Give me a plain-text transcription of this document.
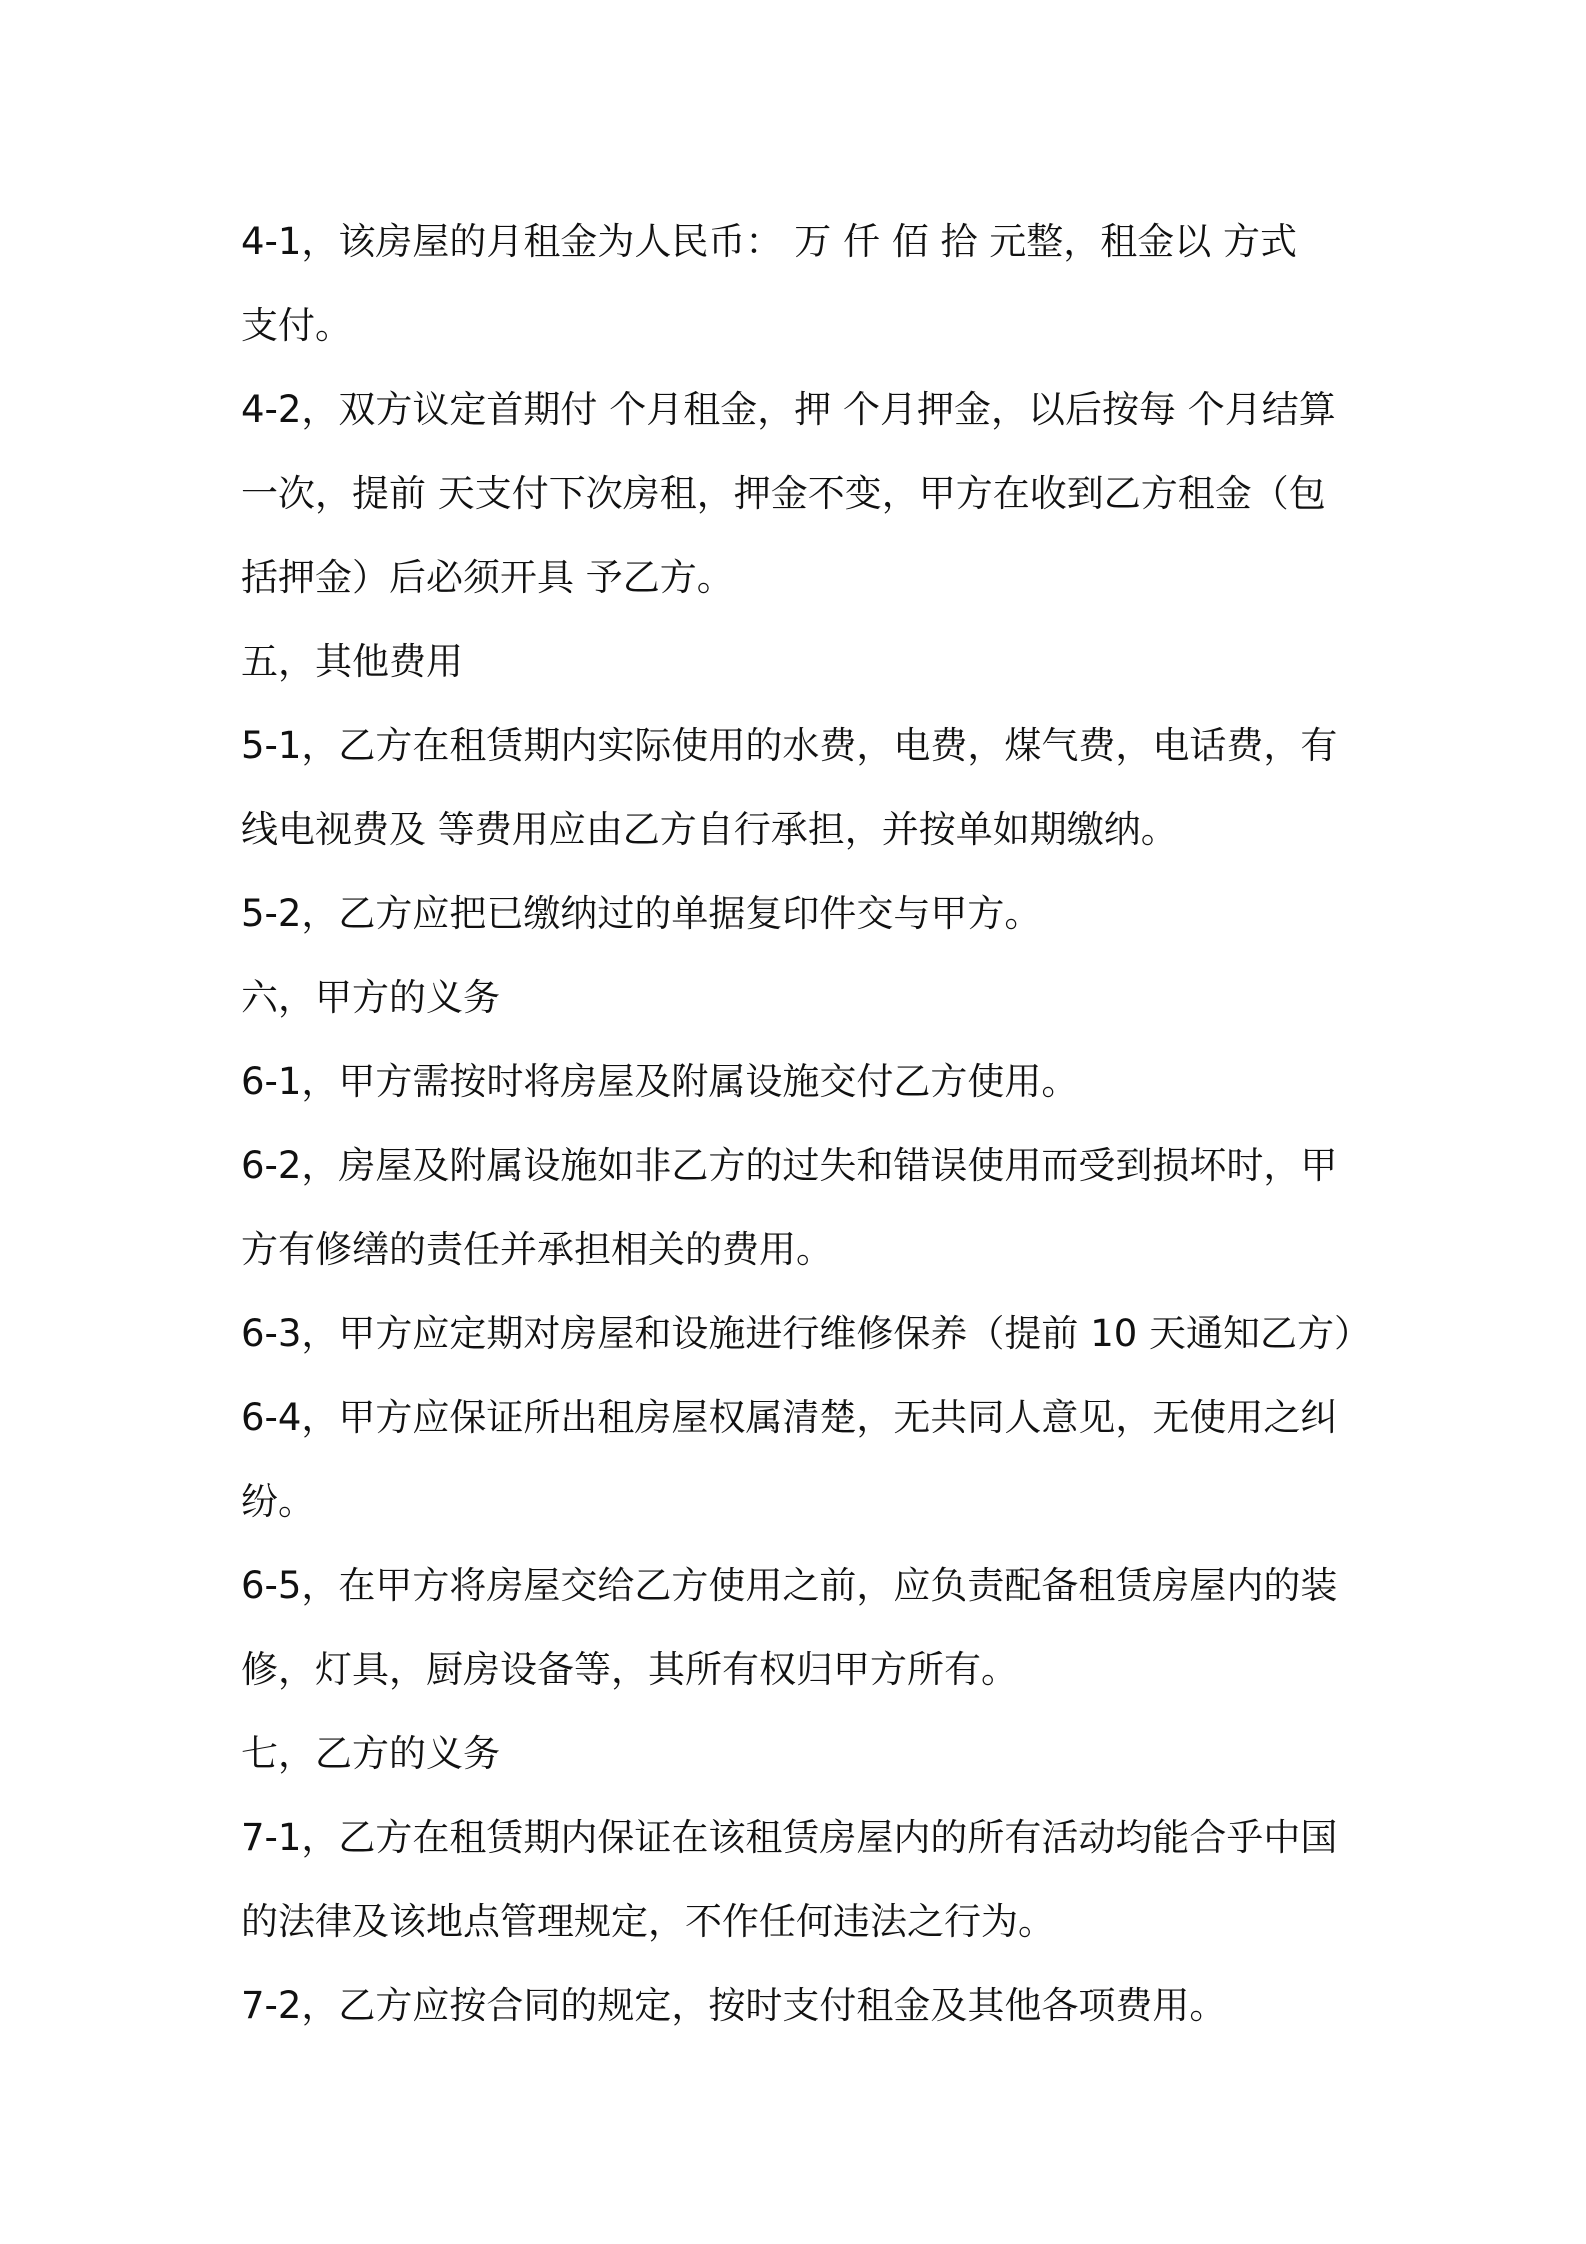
4-1，该房屋的月租金为人民币： 万 仟 佰 拾 元整，租金以 方式
支付。
4-2，双方议定首期付 个月租金，押 个月押金，以后按每 个月结算
一次，提前 天支付下次房租，押金不变，甲方在收到乙方租金（包
括押金）后必须开具 予乙方。
五，其他费用
5-1，乙方在租赁期内实际使用的水费，电费，煤气费，电话费，有
线电视费及 等费用应由乙方自行承担，并按单如期缴纳。
5-2，乙方应把已缴纳过的单据复印件交与甲方。
六，甲方的义务
6-1，甲方需按时将房屋及附属设施交付乙方使用。
6-2，房屋及附属设施如非乙方的过失和错误使用而受到损坏时，甲
方有修缮的责任并承担相关的费用。
6-3，甲方应定期对房屋和设施进行维修保养（提前 10 天通知乙方）
6-4，甲方应保证所出租房屋权属清楚，无共同人意见，无使用之纠
纷。
6-5，在甲方将房屋交给乙方使用之前，应负责配备租赁房屋内的装
修，灯具，厨房设备等，其所有权归甲方所有。
七，乙方的义务
7-1，乙方在租赁期内保证在该租赁房屋内的所有活动均能合乎中国
的法律及该地点管理规定，不作任何违法之行为。
7-2，乙方应按合同的规定，按时支付租金及其他各项费用。
